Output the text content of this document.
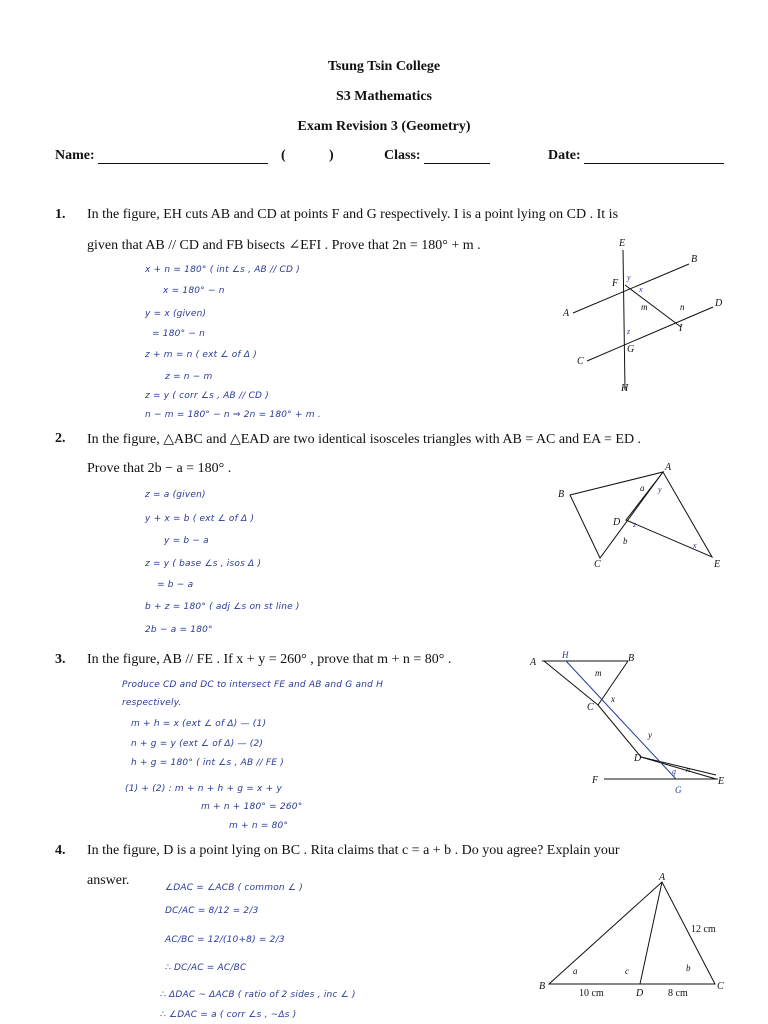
Tsung Tsin College
S3 Mathematics
Exam Revision 3 (Geometry)
Name:	(	)	Class:	Date:
1. In the figure, EH cuts AB and CD at points F and G respectively. I is a point lying on CD . It is
given that AB // CD and FB bisects ∠EFI . Prove that 2n = 180° + m .
x + n = 180° ( int ∠s , AB // CD )
x = 180° − n
y = x (given)
= 180° − n
z + m = n ( ext ∠ of Δ )
z = n − m
z = y ( corr ∠s , AB // CD )
n − m = 180° − n ⇒ 2n = 180° + m .
E
B
F
y
x
m	n	D
A
I
z
C
G
H
2. In the figure, △ABC and △EAD are two identical isosceles triangles with AB = AC and EA = ED .
Prove that 2b − a = 180° .
z = a (given)
y + x = b ( ext ∠ of Δ )
y = b − a
z = y ( base ∠s , isos Δ )
= b − a
b + z = 180° ( adj ∠s on st line )
2b − a = 180°
A
B
a y
D z
b	x
C	E
3. In the figure, AB // FE . If x + y = 260° , prove that m + n = 80° .
Produce CD and DC to intersect FE and AB and G and H
respectively.
m + h = x (ext ∠ of Δ) — (1)
n + g = y (ext ∠ of Δ) — (2)
h + g = 180° ( int ∠s , AB // FE )
(1) + (2) : m + n + h + g = x + y
m + n + 180° = 260°
m + n = 80°
A
H	B
m
C
x
y
D
n
g
F
G
E
4. In the figure, D is a point lying on BC . Rita claims that c = a + b . Do you agree? Explain your
answer.	∠DAC = ∠ACB ( common ∠ )
DC/AC = 8/12 = 2/3
AC/BC = 12/(10+8) = 2/3
∴ DC/AC = AC/BC
∴ ΔDAC ~ ΔACB ( ratio of 2 sides , inc ∠ )
∴ ∠DAC = a ( corr ∠s , ~Δs )
A
12 cm
a	c	b
B
10 cm	D 8 cm
C
